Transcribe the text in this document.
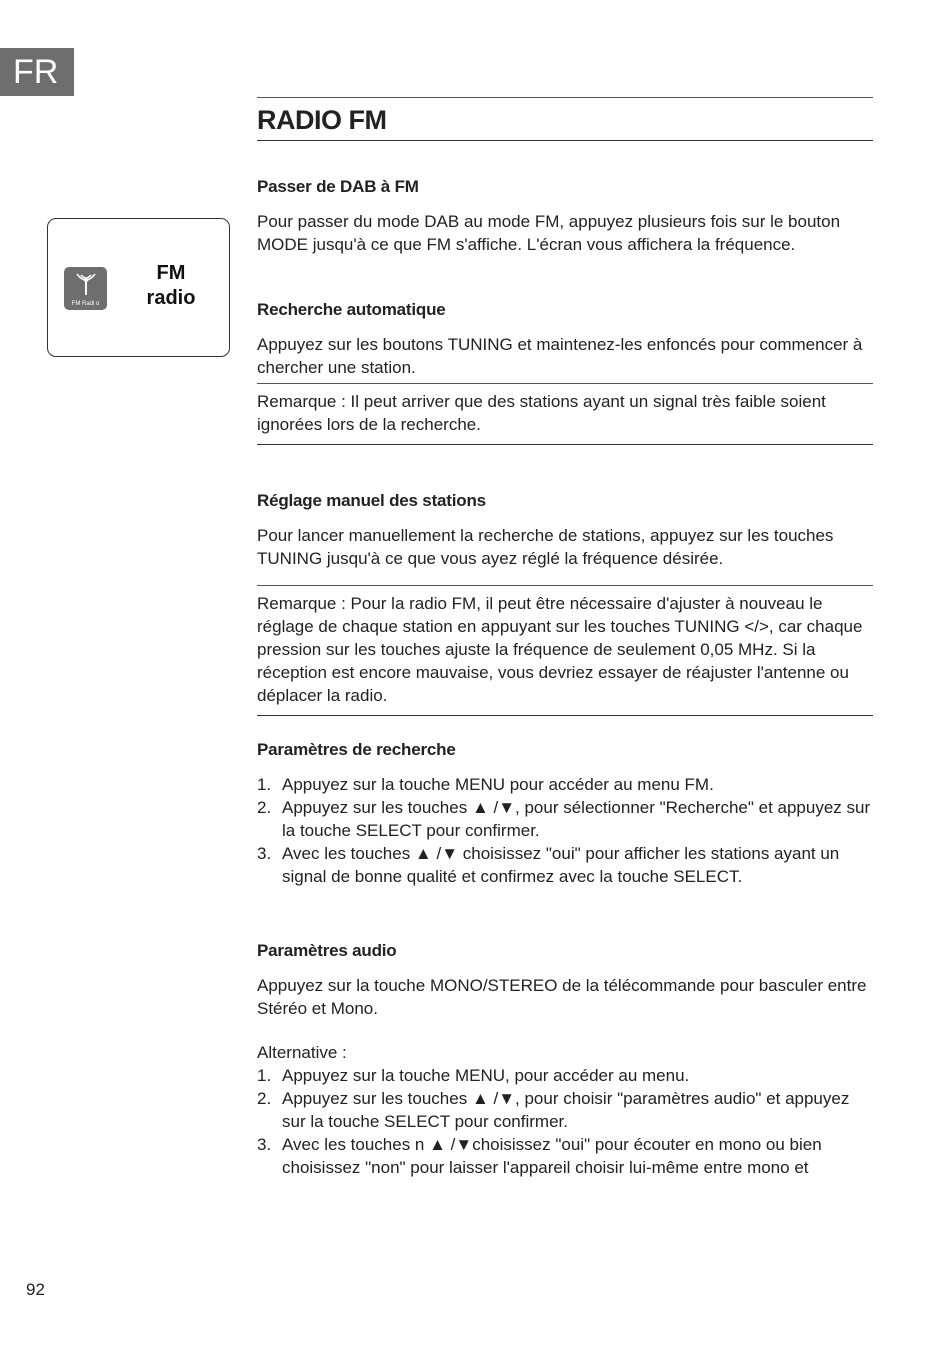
FR
FM Radi o
FM
radio
RADIO FM
Passer de DAB à FM

Pour passer du mode DAB au mode FM, appuyez plusieurs fois sur le bouton MODE jusqu'à ce que FM s'affiche. L'écran vous affichera la fréquence.

Recherche automatique

Appuyez sur les boutons TUNING et maintenez-les enfoncés pour commencer à chercher une station.

Remarque : Il peut arriver que des stations ayant un signal très faible soient ignorées lors de la recherche.
Réglage manuel des stations

Pour lancer manuellement la recherche de stations, appuyez sur les touches TUNING jusqu'à ce que vous ayez réglé la fréquence désirée.

Remarque : Pour la radio FM, il peut être nécessaire d'ajuster à nouveau le réglage de chaque station en appuyant sur les touches TUNING </>, car chaque pression sur les touches ajuste la fréquence de seulement 0,05 MHz. Si la réception est encore mauvaise, vous devriez essayer de réajuster l'antenne ou déplacer la radio.
Paramètres de recherche
1. Appuyez sur la touche MENU pour accéder au menu FM.
2. Appuyez sur les touches ▲ /▼, pour sélectionner "Recherche" et appuyez sur la touche SELECT pour confirmer.
3. Avec les touches ▲ /▼ choisissez "oui" pour afficher les stations ayant un signal de bonne qualité et confirmez avec la touche SELECT.
Paramètres audio

Appuyez sur la touche MONO/STEREO de la télécommande pour basculer entre Stéréo et Mono.

Alternative :

1. Appuyez sur la touche MENU, pour accéder au menu.
2. Appuyez sur les touches ▲ /▼, pour choisir "paramètres audio" et appuyez sur la touche SELECT pour confirmer.
3. Avec les touches n ▲ /▼choisissez "oui" pour écouter en mono ou bien choisissez "non" pour laisser l'appareil choisir lui-même entre mono et
92
